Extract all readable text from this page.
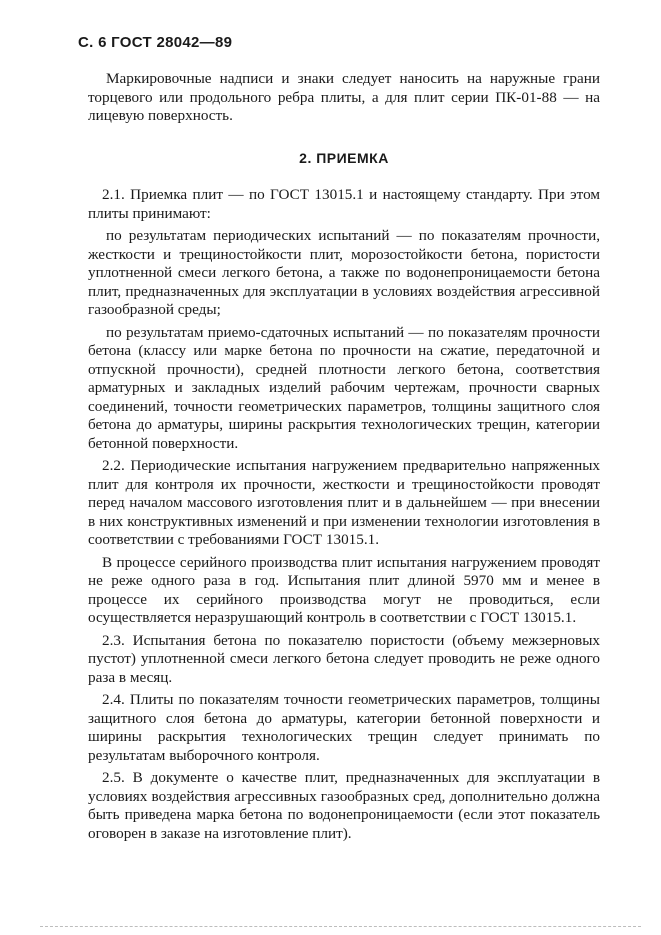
С. 6 ГОСТ 28042—89

Маркировочные надписи и знаки следует наносить на наружные грани торцевого или продольного ребра плиты, а для плит серии ПК-01-88 — на лицевую поверхность.

2. ПРИЕМКА

2.1. Приемка плит — по ГОСТ 13015.1 и настоящему стандарту. При этом плиты принимают:

по результатам периодических испытаний — по показателям прочности, жесткости и трещиностойкости плит, морозостойкости бетона, пористости уплотненной смеси легкого бетона, а также по водонепроницаемости бетона плит, предназначенных для эксплуатации в условиях воздействия агрессивной газообразной среды;

по результатам приемо-сдаточных испытаний — по показателям прочности бетона (классу или марке бетона по прочности на сжатие, передаточной и отпускной прочности), средней плотности легкого бетона, соответствия арматурных и закладных изделий рабочим чертежам, прочности сварных соединений, точности геометрических параметров, толщины защитного слоя бетона до арматуры, ширины раскрытия технологических трещин, категории бетонной поверхности.

2.2. Периодические испытания нагружением предварительно напряженных плит для контроля их прочности, жесткости и трещиностойкости проводят перед началом массового изготовления плит и в дальнейшем — при внесении в них конструктивных изменений и при изменении технологии изготовления в соответствии с требованиями ГОСТ 13015.1.

В процессе серийного производства плит испытания нагружением проводят не реже одного раза в год. Испытания плит длиной 5970 мм и менее в процессе их серийного производства могут не проводиться, если осуществляется неразрушающий контроль в соответствии с ГОСТ 13015.1.

2.3. Испытания бетона по показателю пористости (объему межзерновых пустот) уплотненной смеси легкого бетона следует проводить не реже одного раза в месяц.

2.4. Плиты по показателям точности геометрических параметров, толщины защитного слоя бетона до арматуры, категории бетонной поверхности и ширины раскрытия технологических трещин следует принимать по результатам выборочного контроля.

2.5. В документе о качестве плит, предназначенных для эксплуатации в условиях воздействия агрессивных газообразных сред, дополнительно должна быть приведена марка бетона по водонепроницаемости (если этот показатель оговорен в заказе на изготовление плит).
